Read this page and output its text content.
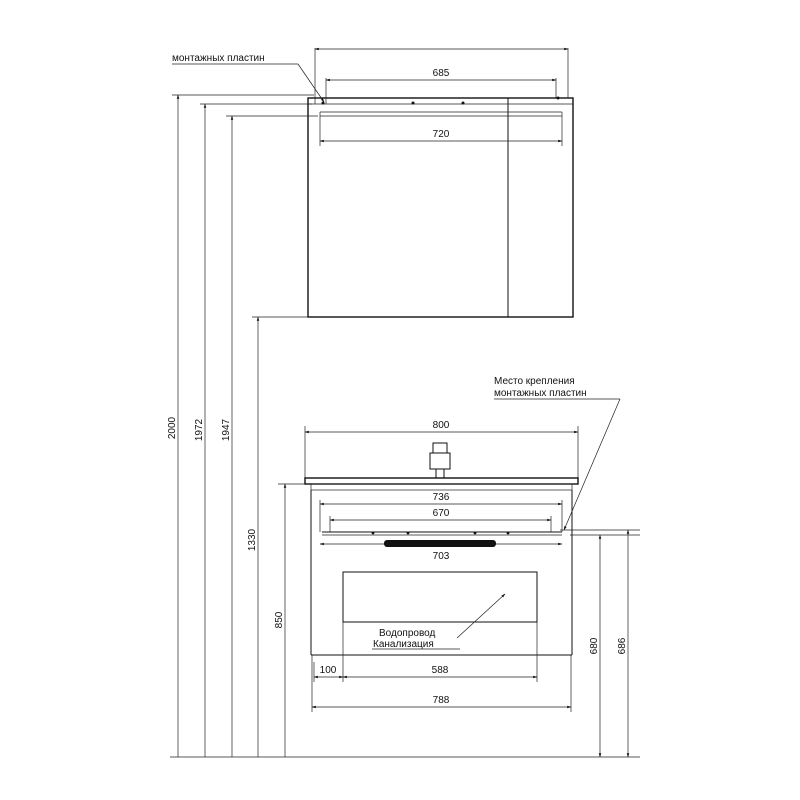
685
720
монтажных пластин
2000 1972 1947
1330
850
800
736
670
703
Водопровод
Канализация
100	588
788
680 686
Место крепления
монтажных пластин
